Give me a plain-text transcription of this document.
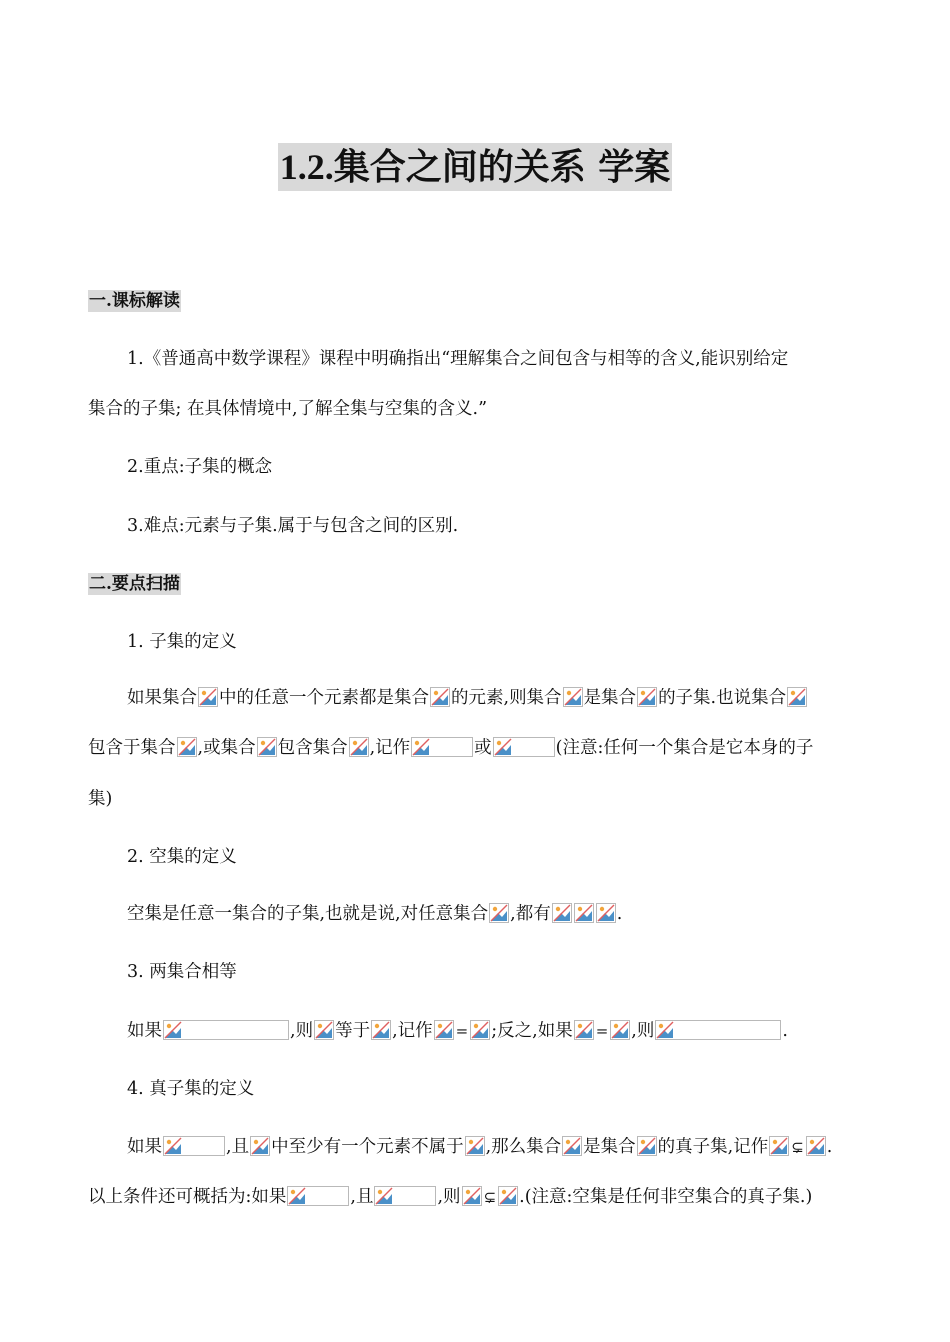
1.2.集合之间的关系 学案
一.课标解读
1.《普通高中数学课程》课程中明确指出“理解集合之间包含与相等的含义,能识别给定
集合的子集; 在具体情境中,了解全集与空集的含义.”
2.重点:子集的概念
3.难点:元素与子集.属于与包含之间的区别.
二.要点扫描
1. 子集的定义
如果集合 中的任意一个元素都是集合 的元素,则集合 是集合 的子集.也说集合
包含于集合 ,或集合 包含集合 ,记作	或	(注意:任何一个集合是它本身的子
集)
2. 空集的定义
空集是任意一集合的子集,也就是说,对任意集合 ,都有	.
3. 两集合相等
如果	,则 等于 ,记作 = ;反之,如果 = ,则	.
4. 真子集的定义
如果	,且 中至少有一个元素不属于 ,那么集合 是集合 的真子集,记作 ⊊ .
以上条件还可概括为:如果	,且	,则 ⊊ .(注意:空集是任何非空集合的真子集.)
